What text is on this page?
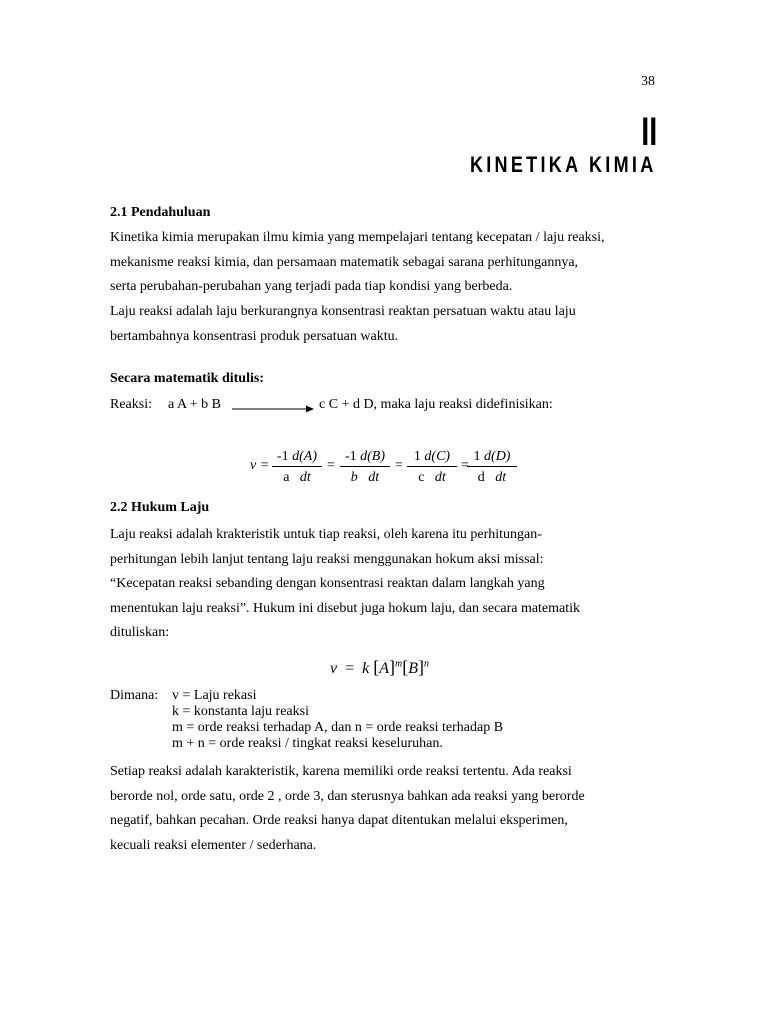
38
II
KINETIKA KIMIA
2.1 Pendahuluan

Kinetika kimia merupakan ilmu kimia yang mempelajari tentang kecepatan / laju reaksi,
mekanisme reaksi kimia, dan persamaan matematik sebagai sarana perhitungannya,
serta perubahan-perubahan yang terjadi pada tiap kondisi yang berbeda.

Laju reaksi adalah laju berkurangnya konsentrasi reaktan persatuan waktu atau laju
bertambahnya konsentrasi produk persatuan waktu.

Secara matematik ditulis:
Reaksi: a A + b B	c C + d D, maka laju reaksi didefinisikan:
v =
-1 d(A)
a dt
=
-1 d(B)
b dt
=
1 d(C)
c dt
=
1 d(D)
d dt
2.2 Hukum Laju

Laju reaksi adalah krakteristik untuk tiap reaksi, oleh karena itu perhitungan-
perhitungan lebih lanjut tentang laju reaksi menggunakan hokum aksi missal:
“Kecepatan reaksi sebanding dengan konsentrasi reaktan dalam langkah yang
menentukan laju reaksi”. Hukum ini disebut juga hokum laju, dan secara matematik
dituliskan:

v = k $[A]^m[B]^n$
Dimana: v = Laju rekasi
k = konstanta laju reaksi
m = orde reaksi terhadap A, dan n = orde reaksi terhadap B
m + n = orde reaksi / tingkat reaksi keseluruhan.

Setiap reaksi adalah karakteristik, karena memiliki orde reaksi tertentu. Ada reaksi
berorde nol, orde satu, orde 2 , orde 3, dan sterusnya bahkan ada reaksi yang berorde
negatif, bahkan pecahan. Orde reaksi hanya dapat ditentukan melalui eksperimen,
kecuali reaksi elementer / sederhana.
